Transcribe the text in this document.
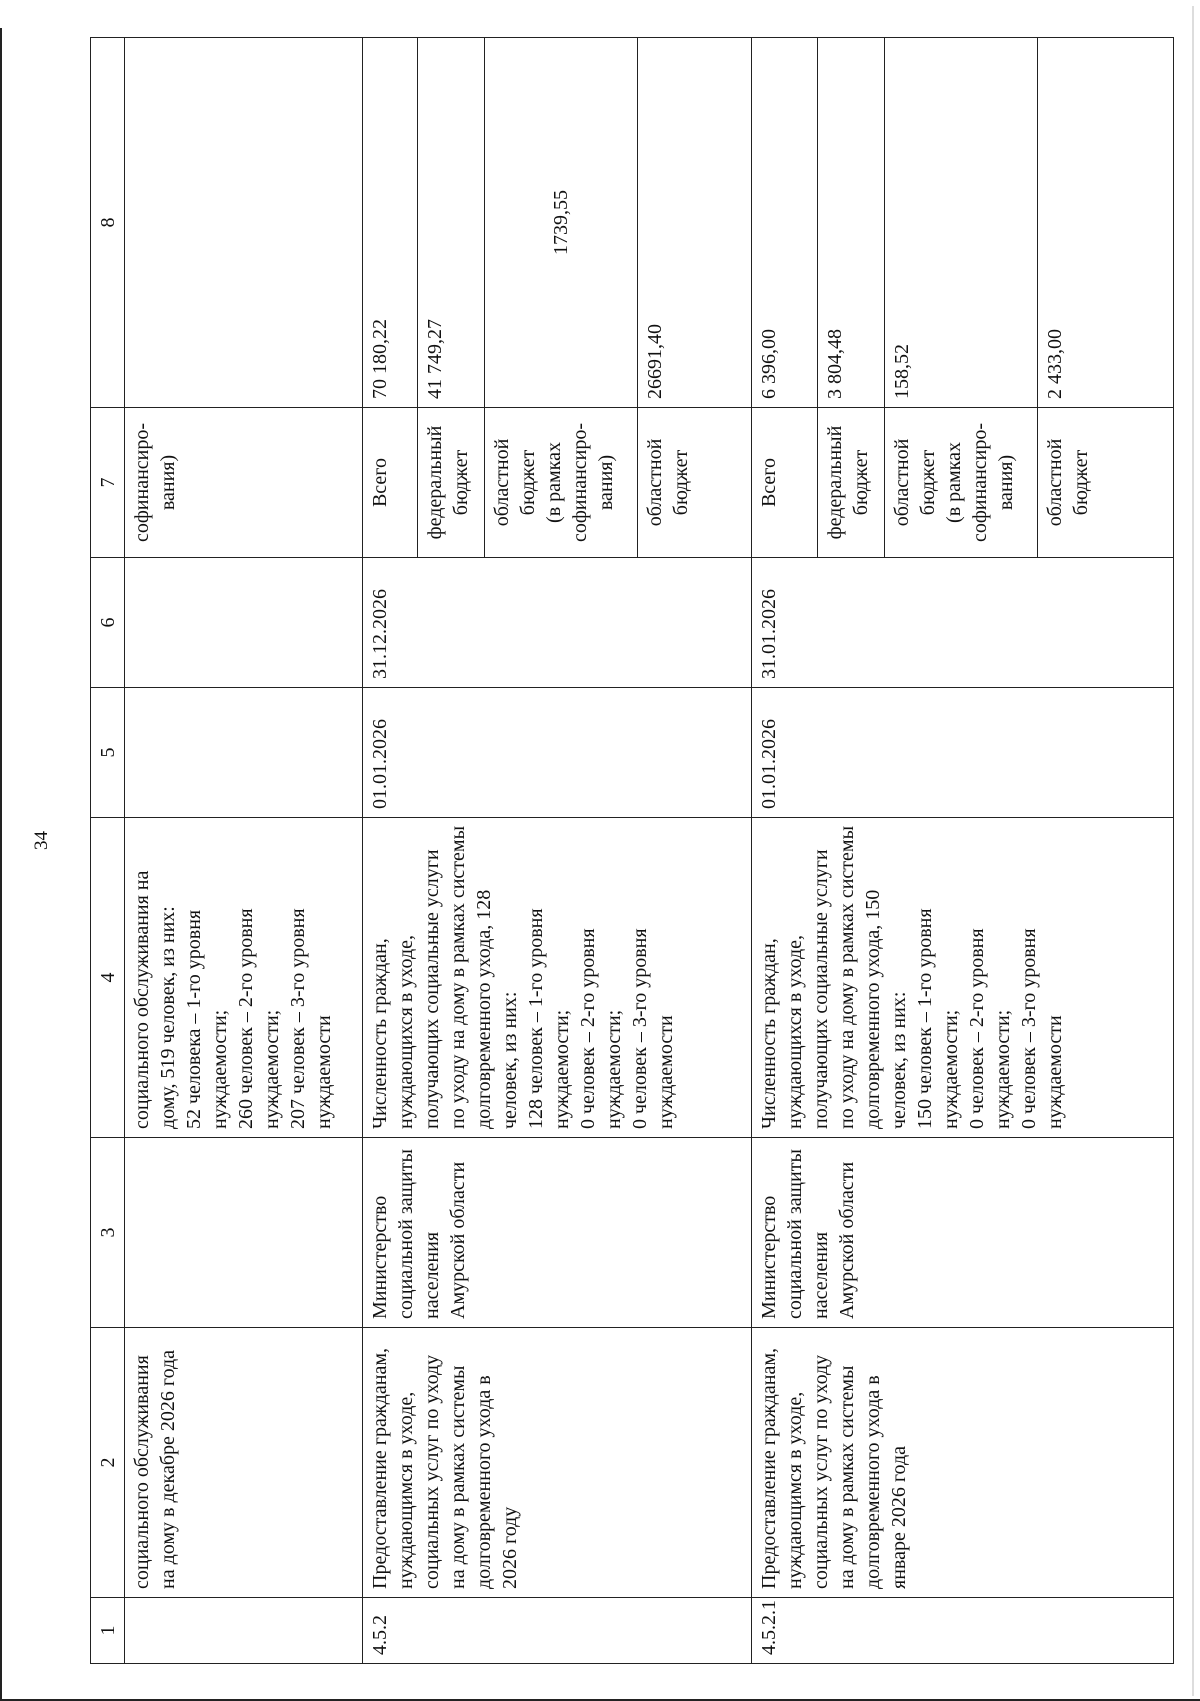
34
1	2	3	4	5	6	7	8
	социального обслуживания на дому в декабре 2026 года		социального обслуживания на дому, 519 человек, из них:
52 человека – 1-го уровня нуждаемости;
260 человек – 2-го уровня нуждаемости;
207 человек – 3-го уровня нуждаемости			софинансиро-
вания)	
4.5.2	Предоставление гражданам, нуждающимся в уходе, социальных услуг по уходу на дому в рамках системы долговременного ухода в 2026 году	Министерство социальной защиты населения Амурской области	Численность граждан, нуждающихся в уходе, получающих социальные услуги по уходу на дому в рамках системы долговременного ухода, 128 человек, из них:
128 человек – 1-го уровня нуждаемости;
0 человек – 2-го уровня нуждаемости;
0 человек – 3-го уровня нуждаемости	01.01.2026	31.12.2026	Всего	70 180,22
						федеральный бюджет	41 749,27
						областной бюджет
(в рамках софинансиро-
вания)	1739,55
						областной бюджет	26691,40
4.5.2.1	Предоставление гражданам, нуждающимся в уходе, социальных услуг по уходу на дому в рамках системы долговременного ухода в январе 2026 года	Министерство социальной защиты населения Амурской области	Численность граждан, нуждающихся в уходе, получающих социальные услуги по уходу на дому в рамках системы долговременного ухода, 150 человек, из них:
150 человек – 1-го уровня нуждаемости;
0 человек – 2-го уровня нуждаемости;
0 человек – 3-го уровня нуждаемости	01.01.2026	31.01.2026	Всего	6 396,00
						федеральный бюджет	3 804,48
						областной бюджет
(в рамках софинансиро-
вания)	158,52
						областной бюджет	2 433,00
